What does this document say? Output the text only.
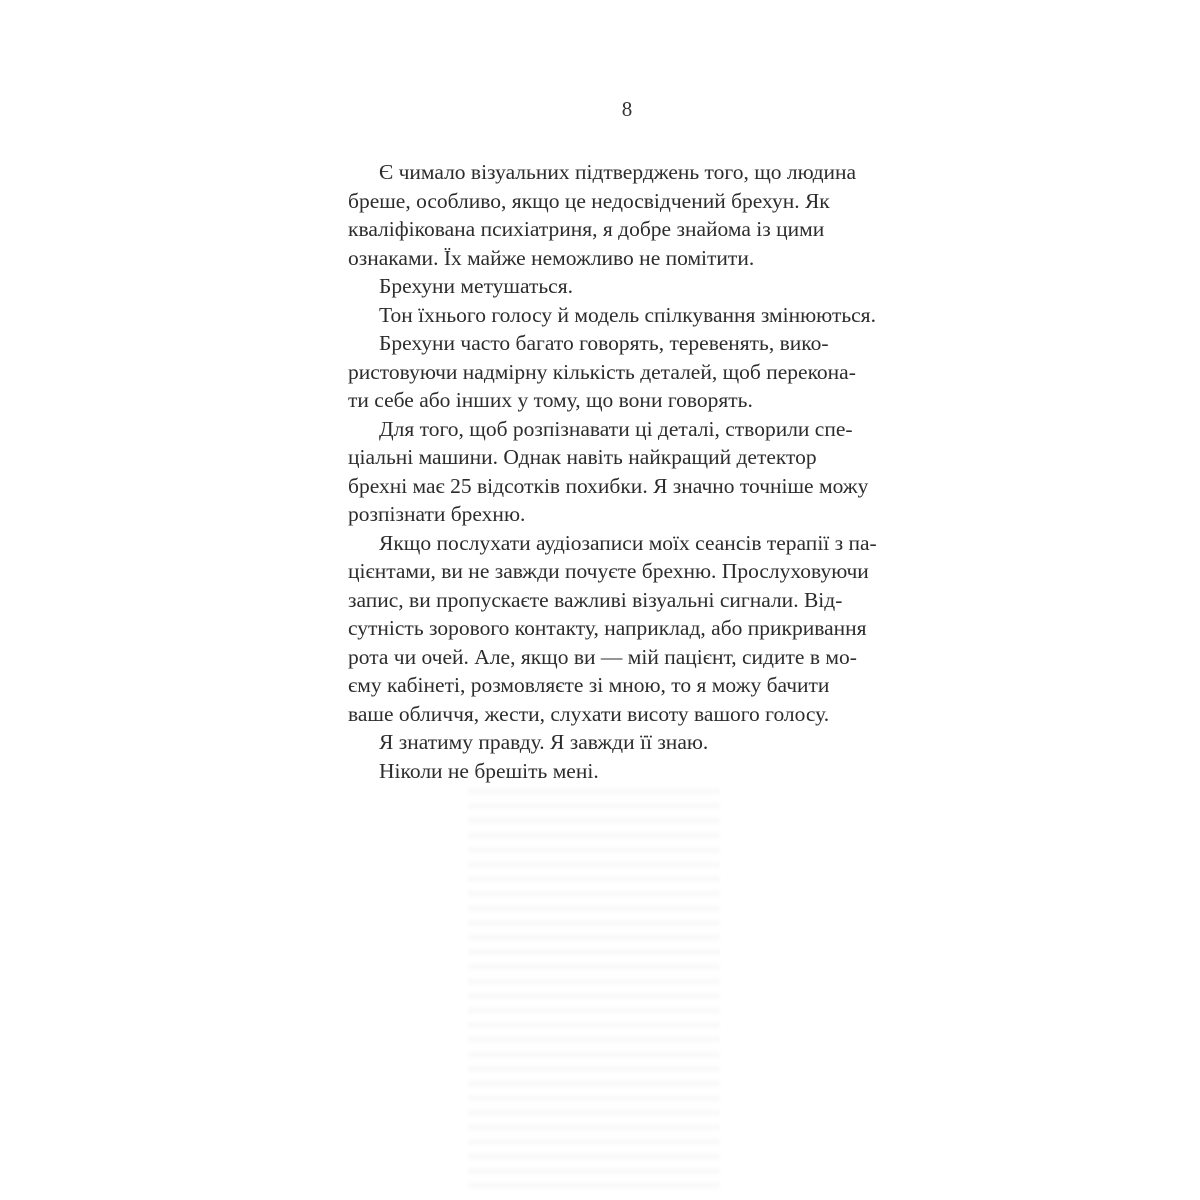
8
Є чимало візуальних підтверджень того, що людина
бреше, особливо, якщо це недосвідчений брехун. Як
кваліфікована психіатриня, я добре знайома із цими
ознаками. Їх майже неможливо не помітити.
Брехуни метушаться.
Тон їхнього голосу й модель спілкування змінюються.
Брехуни часто багато говорять, теревенять, вико-
ристовуючи надмірну кількість деталей, щоб перекона-
ти себе або інших у тому, що вони говорять.
Для того, щоб розпізнавати ці деталі, створили спе-
ціальні машини. Однак навіть найкращий детектор
брехні має 25 відсотків похибки. Я значно точніше можу
розпізнати брехню.
Якщо послухати аудіозаписи моїх сеансів терапії з па-
цієнтами, ви не завжди почуєте брехню. Прослуховуючи
запис, ви пропускаєте важливі візуальні сигнали. Від-
сутність зорового контакту, наприклад, або прикривання
рота чи очей. Але, якщо ви — мій пацієнт, сидите в мо-
єму кабінеті, розмовляєте зі мною, то я можу бачити
ваше обличчя, жести, слухати висоту вашого голосу.
Я знатиму правду. Я завжди її знаю.
Ніколи не брешіть мені.
